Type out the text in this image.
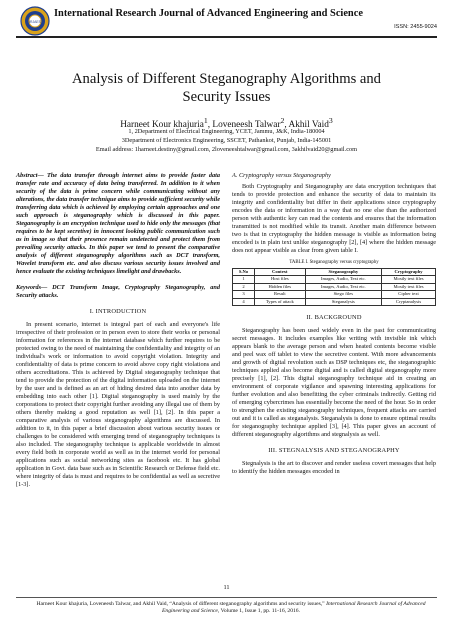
IRJAES
International Research Journal of Advanced Engineering and Science
ISSN: 2455-9024
Analysis of Different Steganography Algorithms and
Security Issues
Harneet Kour khajuria$^1$, Loveneesh Talwar$^2$, Akhil Vaid$^3$
1, 2Department of Electrical Engineering, YCET, Jammu, J&K, India-180004
3Department of Electronics Engineering, SSCET, Pathankot, Punjab, India-145001
Email address: 1harneet.destiny@gmail.com, 2loveneeshtalwar@gmail.com, 3akhilvaid20@gmail.com
Abstract— The data transfer through internet aims to provide faster data transfer rate and accuracy of data being transferred. In addition to it when security of the data is prime concern while communicating without any alterations, the data transfer technique aims to provide sufficient security while transferring data which is achieved by employing certain approaches and one such approach is steganography which is discussed in this paper. Steganography is an encryption technique used to hide only the messages (that requires to be kept secretive) in innocent looking public communication such as in image so that their presence remain undetected and protect them from prevailing security attacks. In this paper we tend to present the comparative analysis of different steganography algorithms such as DCT transform, Wavelet transform etc. and also discuss various security issues involved and hence evaluate the existing techniques limelight and drawbacks.
Keywords— DCT Transform Image, Cryptography Steganography, and Security attacks.
I. INTRODUCTION
In present scenario, internet is integral part of each and everyone's life irrespective of their profession or in person even to store their works or personal information for references in the internet database which further requires to be protected owing to the need of maintaining the confidentiality and integrity of an individual's work or information to avoid copyright violation. Integrity and confidentiality of data is prime concern to avoid above copy right violations and others accreditations. This is achieved by Digital steganography technique that tend to provide the protection of the digital information uploaded on the internet by the user and is defined as an art of hiding desired data into another data by embedding into each other [1]. Digital steganography is used mainly by the corporations to protect their copyright further avoiding any illegal use of them by others thereby making a good reputation as well [1], [2]. In this paper a comparative analysis of various steganography algorithms are discussed. In addition to it, in this paper a brief discussion about various security issues or challenges to be considered with emerging trend of steganography techniques is also included. The steganography technique is applicable worldwide in almost every field both in corporate world as well as in the internet world for personal applications such as social networking sites as facebook etc. It has global application in Govt. data base such as in Scientific Research or Defense field etc. where integrity of data is must and requires to be confidential as well as secretive [1-3].
A. Cryptography versus Steganography
Both Cryptography and Steganography are data encryption techniques that tends to provide protection and enhance the security of data to maintain its integrity and confidentiality but differ in their applications since cryptography encodes the data or information in a way that no one else than the authorized person with authentic key can read the contents and ensures that the information transmitted is not modified while its transit. Another main difference between two is that in cryptography the hidden message is visible as information being encoded is in plain text unlike steganography [2], [4] where the hidden message does not appear visible as clear from given table I.
TABLE I. Steganography versus cryptography
S.No	Context	Steganography	Cryptography
1	Host files	Images, Audio, Text etc.	Mostly text files
2	Hidden files	Images, Audio, Text etc.	Mostly text files
3	Result	Stego files	Cipher text
4	Types of attack	Steganalysis	Cryptanalysis
II. BACKGROUND
Steganography has been used widely even in the past for communicating secret messages. It includes examples like writing with invisible ink which appears blank to the average person and when heated contents become visible and peel wax off tablet to view the secretive content. With more advancements and growth of digital revolution such as DSP techniques etc, the steganographic techniques applied also become digital and is called digital steganography more precisely [1], [2]. This digital steganography technique aid in creating an environment of corporate vigilance and spawning interesting applications for further evolution and also benefitting the cyber criminals indirectly. Getting rid of emerging cybercrimes has essentially become the need of the hour. So in order to strengthen the existing steganography techniques, frequent attacks are carried out and it is called as steganalysis. Steganalysis is done to ensure optimal results for steganography technique applied [3], [4]. This paper gives an account of different steganography algorithms and stegnalysis as well.
III. STEGNALYSIS AND STEGANOGRAPHY
Stegnalysis is the art to discover and render useless covert messages that help to identify the hidden messages encoded in
11
Harneet Kour khajuria, Loveneesh Talwar, and Akhil Vaid, “Analysis of different steganography algorithms and security issues,” International Research Journal of Advanced Engineering and Science, Volume 1, Issue 1, pp. 11-16, 2016.
